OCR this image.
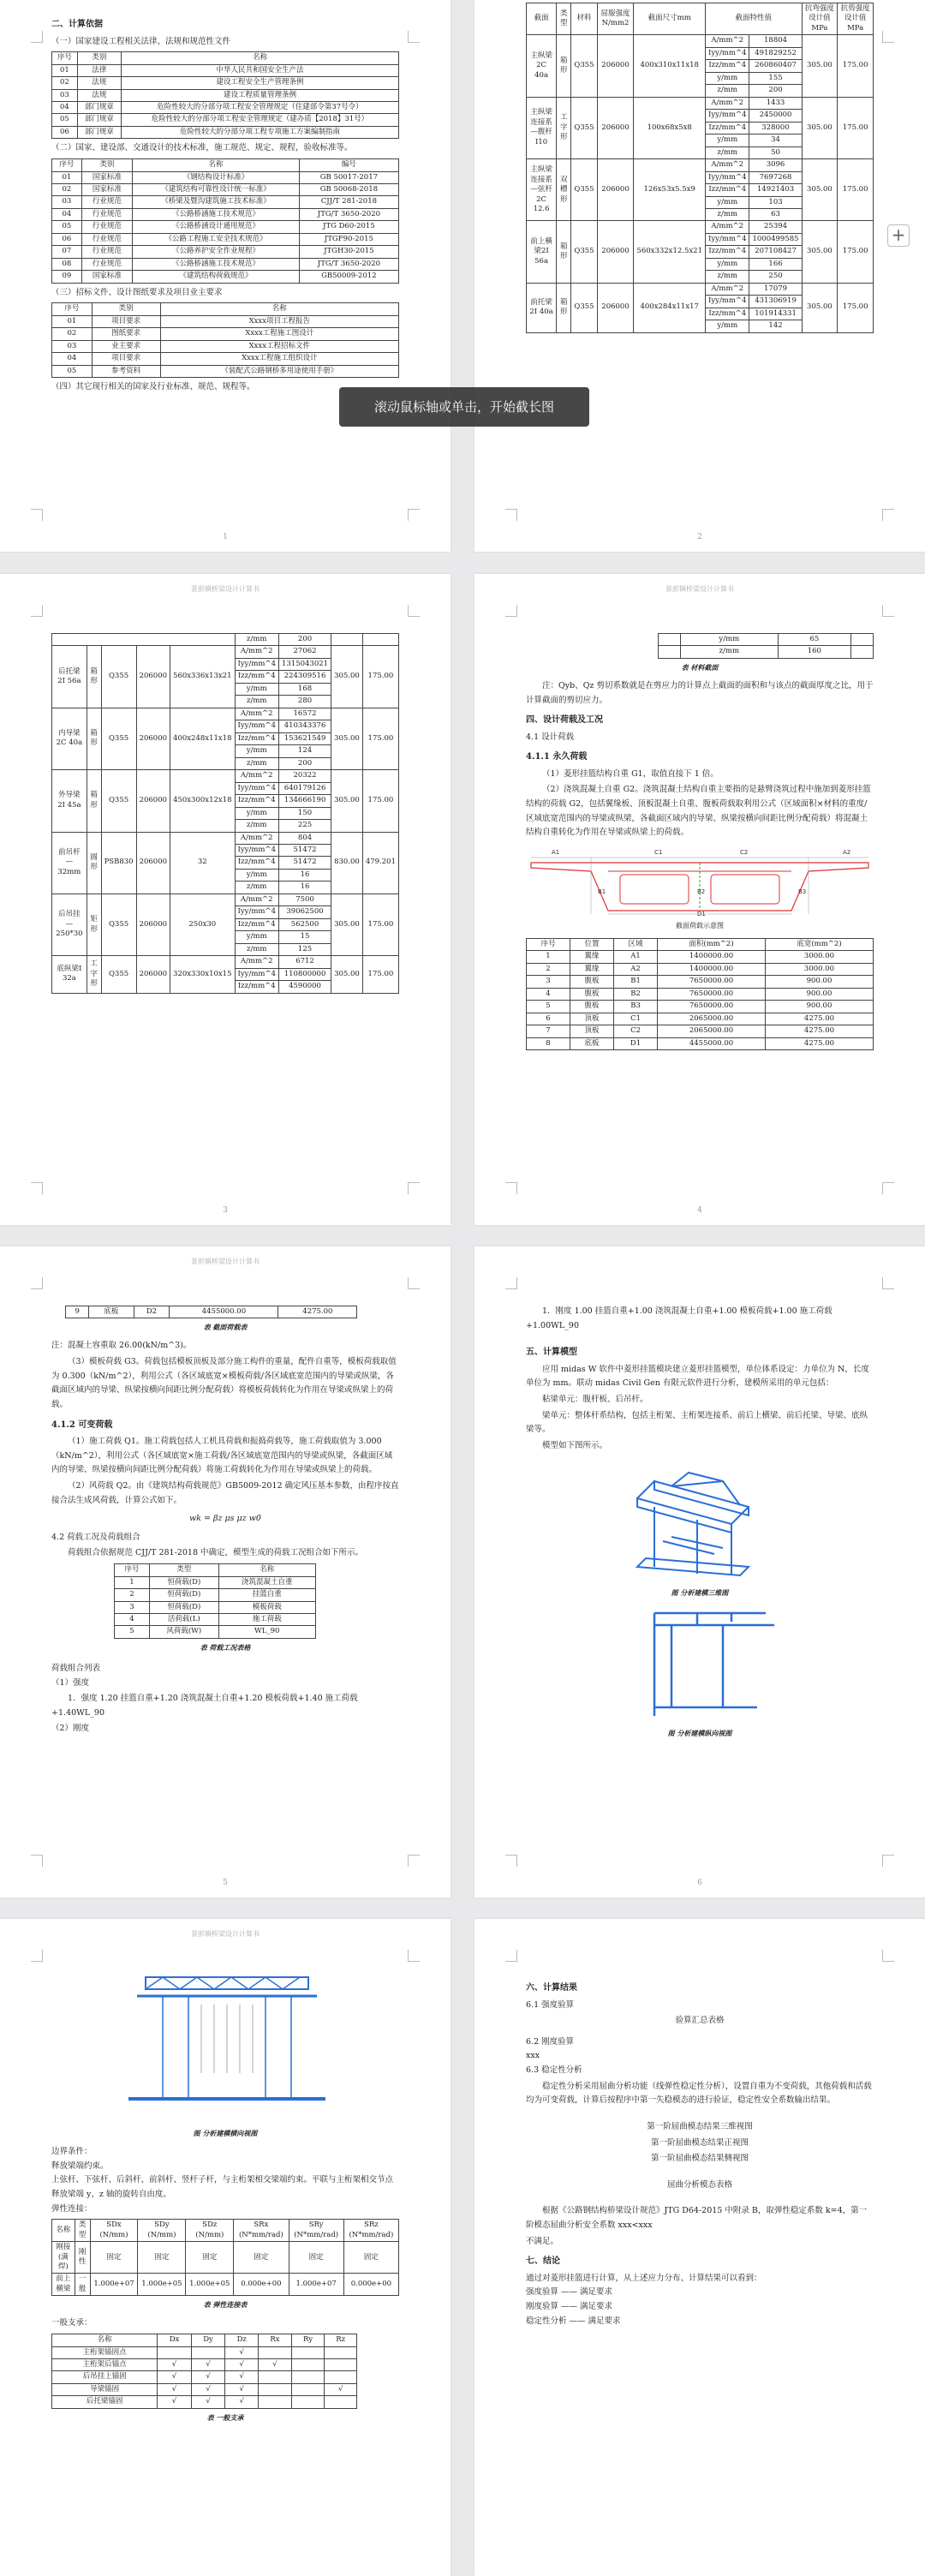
二、计算依据
（一）国家建设工程相关法律、法规和规范性文件
序号	类别	名称
01	法律	中华人民共和国安全生产法
02	法规	建设工程安全生产管理条例
03	法规	建设工程质量管理条例
04	部门规章	危险性较大的分部分项工程安全管理规定（住建部令第37号令）
05	部门规章	危险性较大的分部分项工程安全管理规定（建办质【2018】31号）
06	部门规章	危险性较大的分部分项工程专项施工方案编制指南
（二）国家、建设部、交通设计的技术标准，施工规范、规定、规程，验收标准等。
序号	类别	名称	编号
01	国家标准	《钢结构设计标准》	GB 50017-2017
02	国家标准	《建筑结构可靠性设计统一标准》	GB 50068-2018
03	行业规范	《桥梁及暨沟建筑施工技术标准》	CJJ/T 281-2018
04	行业规范	《公路桥涵施工技术规范》	JTG/T 3650-2020
05	行业规范	《公路桥涵设计通用规范》	JTG D60-2015
06	行业规范	《公路工程施工安全技术规范》	JTGF90-2015
07	行业规范	《公路养护安全作业规程》	JTGH30-2015
08	行业规范	《公路桥涵施工技术规范》	JTG/T 3650-2020
09	国家标准	《建筑结构荷载规范》	GB50009-2012
（三）招标文件、设计图纸要求及项目业主要求
序号	类别	名称
01	项目要求	Xxxx项目工程报告
02	图纸要求	Xxxx工程施工图设计
03	业主要求	Xxxx工程招标文件
04	项目要求	Xxxx工程施工组织设计
05	参考资料	《装配式公路钢桥多用途使用手册》
（四）其它现行相关的国家及行业标准、规范、规程等。
1
截面	类型	材料	屈服强度N/mm2	截面尺寸mm	截面特性值		抗弯强度设计值MPa	抗剪强度设计值MPa
主纵梁2C 40a	箱形	Q355	206000	400x310x11x18	A/mm^2	18804	305.00	175.00
					Iyy/mm^4	491829252		
					Izz/mm^4	260860407		
					y/mm	155		
					z/mm	200		
主纵梁连接系—腹杆I10	工字形	Q355	206000	100x68x5x8	A/mm^2	1433	305.00	175.00
					Iyy/mm^4	2450000		
					Izz/mm^4	328000		
					y/mm	34		
					z/mm	50		
主纵梁连接系—弦杆2C 12.6	双槽形	Q355	206000	126x53x5.5x9	A/mm^2	3096	305.00	175.00
					Iyy/mm^4	7697268		
					Izz/mm^4	14921403		
					y/mm	103		
					z/mm	63		
前上横梁2I 56a	箱形	Q355	206000	560x332x12.5x21	A/mm^2	25394	305.00	175.00
					Iyy/mm^4	1000499585		
					Izz/mm^4	207108427		
					y/mm	166		
					z/mm	250		
前托梁2I 40a	箱形	Q355	206000	400x284x11x17	A/mm^2	17079	305.00	175.00
					Iyy/mm^4	431306919		
					Izz/mm^4	101914331		
					y/mm	142		
2
景彭镇桥梁设计计算书
					z/mm	200		
后托梁2I 56a	箱形	Q355	206000	560x336x13x21	A/mm^2	27062	305.00	175.00
					Iyy/mm^4	1315043021		
					Izz/mm^4	224309516		
					y/mm	168		
					z/mm	280		
内导梁2C 40a	箱形	Q355	206000	400x248x11x18	A/mm^2	16572	305.00	175.00
					Iyy/mm^4	410343376		
					Izz/mm^4	153621549		
					y/mm	124		
					z/mm	200		
外导梁2I 45a	箱形	Q355	206000	450x300x12x18	A/mm^2	20322	305.00	175.00
					Iyy/mm^4	640179126		
					Izz/mm^4	134666190		
					y/mm	150		
					z/mm	225		
前吊杆—32mm	圆形	PSB830	206000	32	A/mm^2	804	830.00	479.201
					Iyy/mm^4	51472		
					Izz/mm^4	51472		
					y/mm	16		
					z/mm	16		
后吊挂—250*30	矩形	Q355	206000	250x30	A/mm^2	7500	305.00	175.00
					Iyy/mm^4	39062500		
					Izz/mm^4	562500		
					y/mm	15		
					z/mm	125		
底纵梁I 32a	工字形	Q355	206000	320x330x10x15	A/mm^2	6712	305.00	175.00
					Iyy/mm^4	110800000		
					Izz/mm^4	4590000		
3
景彭镇桥梁设计计算书
	y/mm	65	
	z/mm	160	
表 材料截面
注：Qyb、Qz 剪切系数就是在剪应力的计算点上截面的面积和与该点的截面厚度之比，用于计算截面的剪切应力。
四、设计荷载及工况
4.1 设计荷载
4.1.1 永久荷载
（1）菱形挂篮结构自重 G1，取值直接下 1 倍。
（2）浇筑混凝土自重 G2。浇筑混凝土结构自重主要指的是悬臂浇筑过程中施加到菱形挂篮结构的荷载 G2，包括翼缘板、顶板混凝土自重、腹板荷载取利用公式（区域面积×材料的重度/区域底宽范围内的导梁或纵梁，各截面区域内的导梁、纵梁按横向间距比例分配荷载）将混凝土结构自重转化为作用在导梁或纵梁上的荷载。
A1	C1	C2	A2
B1	B2	B3
D1
截面荷载示意图
序号	位置	区域	面积(mm^2)	底宽(mm^2)
1	翼缘	A1	1400000.00	3000.00
2	翼缘	A2	1400000.00	3000.00
3	腹板	B1	7650000.00	900.00
4	腹板	B2	7650000.00	900.00
5	腹板	B3	7650000.00	900.00
6	顶板	C1	2065000.00	4275.00
7	顶板	C2	2065000.00	4275.00
8	底板	D1	4455000.00	4275.00
4
景彭镇桥梁设计计算书
9	底板	D2	4455000.00	4275.00
表 截面荷载表
注：混凝土容重取 26.00(kN/m^3)。
（3）模板荷载 G3。荷载包括模板顶板及部分施工构件的重量，配件自重等，模板荷载取值为 0.300（kN/m^2），利用公式（各区域底宽×模板荷载/各区域底宽范围内的导梁或纵梁，各截面区域内的导梁、纵梁按横向间距比例分配荷载）将模板荷载转化为作用在导梁或纵梁上的荷载。
4.1.2 可变荷载
（1）施工荷载 Q1。施工荷载包括人工机具荷载和振捣荷载等，施工荷载取值为 3.000（kN/m^2），利用公式（各区域底宽×施工荷载/各区域底宽范围内的导梁或纵梁，各截面区域内的导梁、纵梁按横向间距比例分配荷载）将施工荷载转化为作用在导梁或纵梁上的荷载。
（2）风荷载 Q2。由《建筑结构荷载规范》GB5009-2012 确定风压基本参数，由程序按直接合法生成风荷载，计算公式如下。
wk = βz μs μz w0
4.2 荷载工况及荷载组合
荷载组合依据规范 CJJ/T 281-2018 中确定，模型生成的荷载工况组合如下所示。
序号	类型	名称
1	恒荷载(D)	浇筑混凝土自重
2	恒荷载(D)	挂篮自重
3	恒荷载(D)	模板荷载
4	活荷载(L)	施工荷载
5	风荷载(W)	WL_90
表 荷载工况表格
荷载组合列表
（1）强度
1．强度 1.20 挂篮自重+1.20 浇筑混凝土自重+1.20 模板荷载+1.40 施工荷载+1.40WL_90
（2）刚度
5
1．刚度 1.00 挂篮自重+1.00 浇筑混凝土自重+1.00 模板荷载+1.00 施工荷载+1.00WL_90
五、计算模型
应用 midas W 软件中菱形挂篮模块建立菱形挂篮模型，单位体系设定：力单位为 N，长度单位为 mm。联动 midas Civil Gen 有限元软件进行分析，建模所采用的单元包括：
粘梁单元：腹杆板、后吊杆。
梁单元：整体杆系结构，包括主桁架、主桁架连接系、前后上横梁、前后托梁、导梁、底纵梁等。
模型如下图所示。
图 分析建模三维图
图 分析建模纵向视图
6
景彭镇桥梁设计计算书
图 分析建模横向视图
边界条件：
释放梁端约束。
上弦杆、下弦杆、后斜杆、前斜杆、竖杆子杆，与主桁架相交梁端约束。平联与主桁架相交节点释放梁端 y、z 轴的旋转自由度。
弹性连接：
名称	类型	SDx (N/mm)	SDy (N/mm)	SDz (N/mm)	SRx (N*mm/rad)	SRy (N*mm/rad)	SRz (N*mm/rad)
刚接(满焊)	刚性	固定	固定	固定	固定	固定	固定
前上横梁	一般	1.000e+07	1.000e+05	1.000e+05	0.000e+00	1.000e+07	0.000e+00
表 弹性连接表
一般支承：
名称	Dx	Dy	Dz	Rx	Ry	Rz
主桁架锚固点			√			
主桁架后锚点	√	√	√	√		
后吊挂上锚固	√	√	√			
导梁锚固	√	√	√			√
后托梁锚固	√	√	√			
表 一般支承
六、计算结果
6.1 强度验算
验算汇总表格
6.2 刚度验算
xxx
6.3 稳定性分析
稳定性分析采用屈曲分析功能（线弹性稳定性分析），设置自重为不变荷载，其他荷载和活载均为可变荷载，计算后按程序中第一失稳模态的进行验证，稳定性安全系数输出结果。
第一阶屈曲模态结果三维视图
第一阶屈曲模态结果正视图
第一阶屈曲模态结果侧视图
屈曲分析模态表格
根据《公路钢结构桥梁设计规范》JTG D64-2015 中附录 B，取弹性稳定系数 k=4，第一阶模态屈曲分析安全系数 xxx<xxx
不满足。
七、结论
通过对菱形挂篮进行计算，从上述应力分布、计算结果可以看到：
强度验算 —— 满足要求
刚度验算 —— 满足要求
稳定性分析 —— 满足要求
滚动鼠标轴或单击，开始截长图
+
